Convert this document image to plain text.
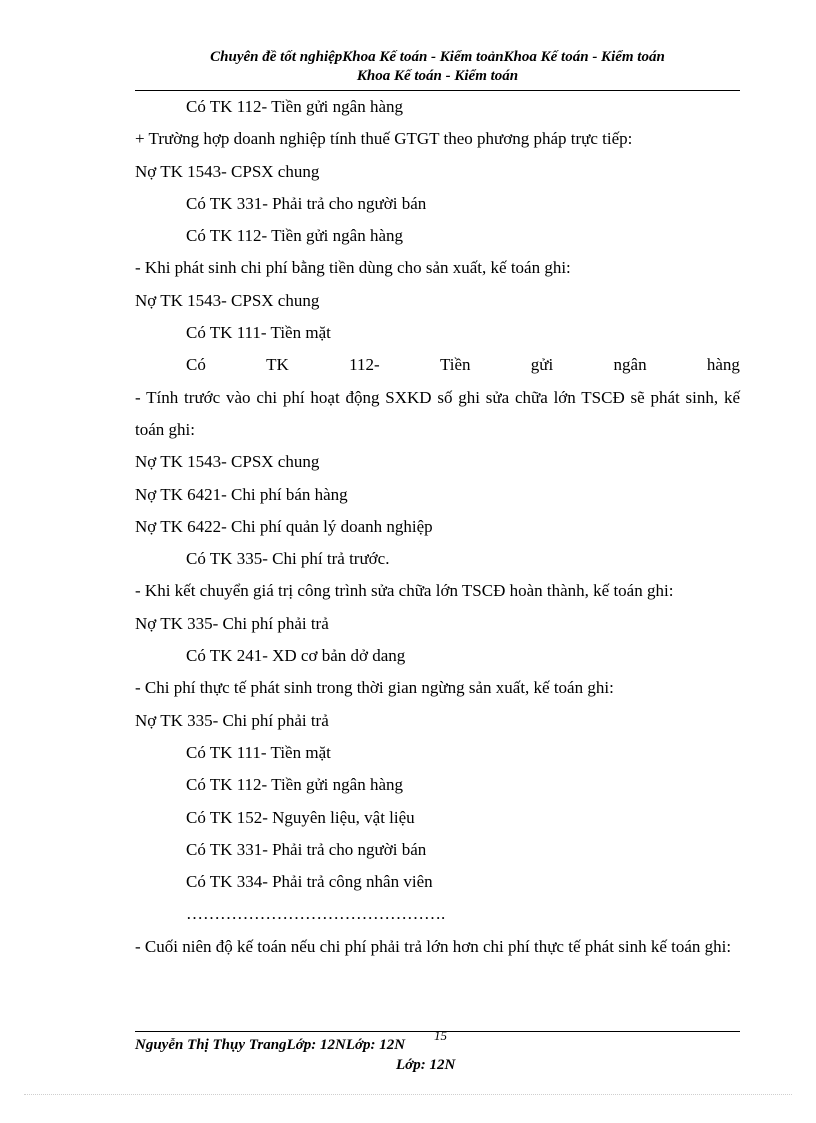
Chuyên đề tốt nghiệpKhoa Kế toán - Kiểm toảnKhoa Kế toán - Kiểm toán
Khoa Kế toán - Kiểm toán
Có TK 112- Tiền gửi ngân hàng
+ Trường hợp doanh nghiệp tính thuế GTGT theo phương pháp trực tiếp:
Nợ TK 1543- CPSX chung
Có TK 331- Phải trả cho người bán
Có TK 112- Tiền gửi ngân hàng
- Khi phát sinh chi phí bằng tiền dùng cho sản xuất, kế toán ghi:
Nợ TK 1543- CPSX chung
Có TK 111- Tiền mặt
Có	TK	112-	Tiền	gửi	ngân	hàng
- Tính trước vào chi phí hoạt động SXKD số ghi sửa chữa lớn TSCĐ sẽ phát sinh, kế toán ghi:
Nợ TK 1543- CPSX chung
Nợ TK 6421- Chi phí bán hàng
Nợ TK 6422- Chi phí quản lý doanh nghiệp
Có TK 335- Chi phí trả trước.
- Khi kết chuyển giá trị công trình sửa chữa lớn TSCĐ hoàn thành, kế toán ghi:
Nợ TK 335- Chi phí phải trả
Có TK 241- XD cơ bản dở dang
- Chi phí thực tế phát sinh trong thời gian ngừng sản xuất, kế toán ghi:
Nợ TK 335- Chi phí phải trả
Có TK 111- Tiền mặt
Có TK 112- Tiền gửi ngân hàng
Có TK 152- Nguyên liệu, vật liệu
Có TK 331- Phải trả cho người bán
Có TK 334- Phải trả công nhân viên
……………………………………….
- Cuối niên độ kế toán nếu chi phí phải trả lớn hơn chi phí thực tế phát sinh kế toán ghi:
15
Nguyễn Thị Thụy TrangLớp: 12NLớp: 12N
Lớp: 12N
